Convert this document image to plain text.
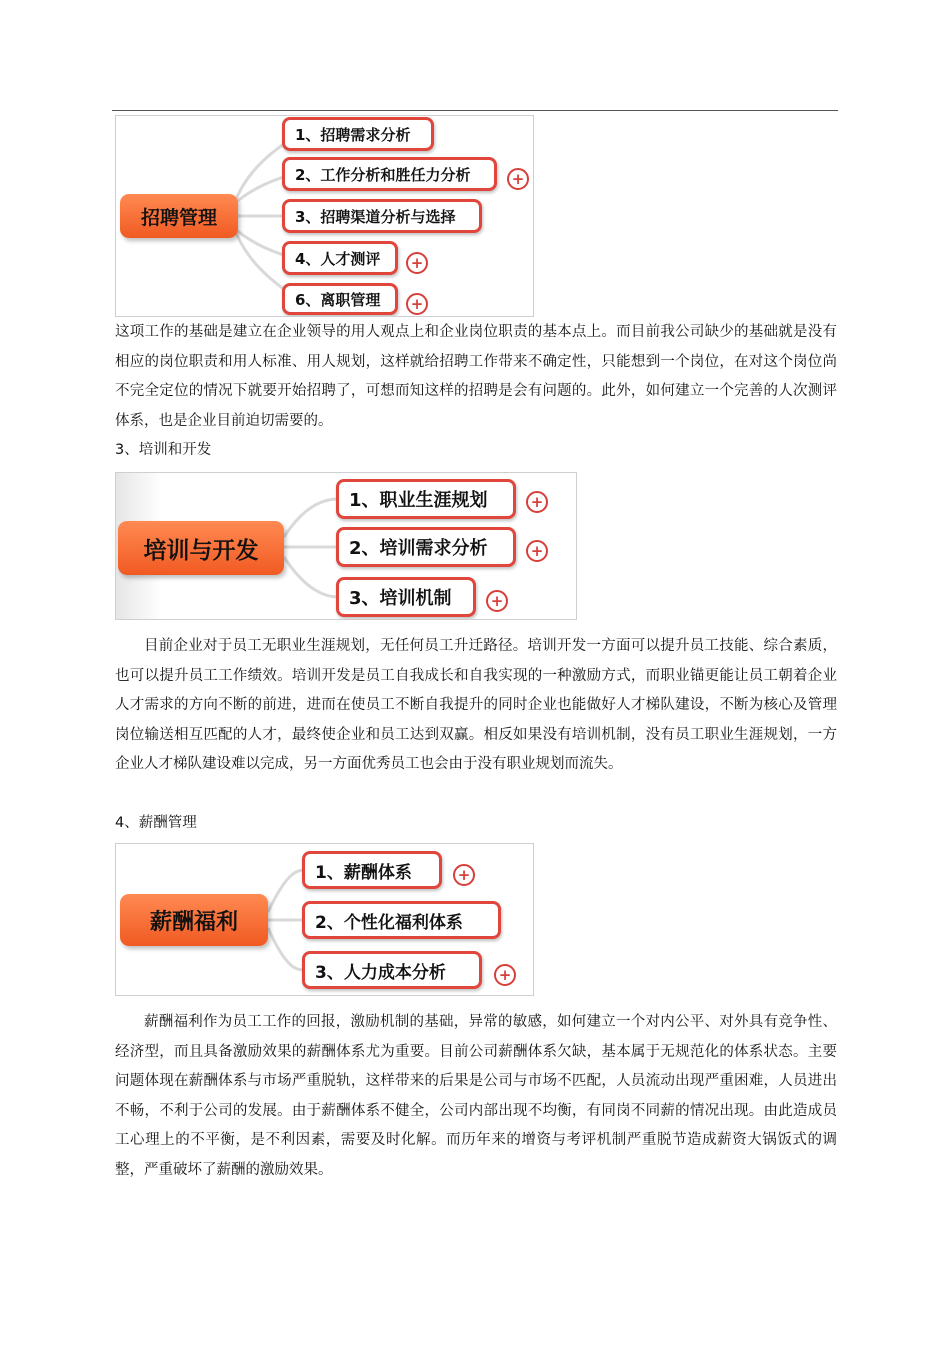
招聘管理
1、招聘需求分析
2、工作分析和胜任力分析	+
3、招聘渠道分析与选择
4、人才测评	+
6、离职管理	+

这项工作的基础是建立在企业领导的用人观点上和企业岗位职责的基本点上。而目前我公司缺少的基础就是没有相应的岗位职责和用人标准、用人规划，这样就给招聘工作带来不确定性，只能想到一个岗位，在对这个岗位尚不完全定位的情况下就要开始招聘了，可想而知这样的招聘是会有问题的。此外，如何建立一个完善的人次测评体系，也是企业目前迫切需要的。

3、培训和开发

培训与开发
1、职业生涯规划	+
2、培训需求分析	+
3、培训机制	+

目前企业对于员工无职业生涯规划，无任何员工升迁路径。培训开发一方面可以提升员工技能、综合素质，也可以提升员工工作绩效。培训开发是员工自我成长和自我实现的一种激励方式，而职业锚更能让员工朝着企业人才需求的方向不断的前进，进而在使员工不断自我提升的同时企业也能做好人才梯队建设，不断为核心及管理岗位输送相互匹配的人才，最终使企业和员工达到双赢。相反如果没有培训机制，没有员工职业生涯规划，一方企业人才梯队建设难以完成，另一方面优秀员工也会由于没有职业规划而流失。

4、薪酬管理

薪酬福利
1、薪酬体系	+
2、个性化福利体系
3、人力成本分析	+

薪酬福利作为员工工作的回报，激励机制的基础，异常的敏感，如何建立一个对内公平、对外具有竞争性、经济型，而且具备激励效果的薪酬体系尤为重要。目前公司薪酬体系欠缺，基本属于无规范化的体系状态。主要问题体现在薪酬体系与市场严重脱轨，这样带来的后果是公司与市场不匹配，人员流动出现严重困难，人员进出不畅，不利于公司的发展。由于薪酬体系不健全，公司内部出现不均衡，有同岗不同薪的情况出现。由此造成员工心理上的不平衡，是不利因素，需要及时化解。而历年来的增资与考评机制严重脱节造成薪资大锅饭式的调整，严重破坏了薪酬的激励效果。
